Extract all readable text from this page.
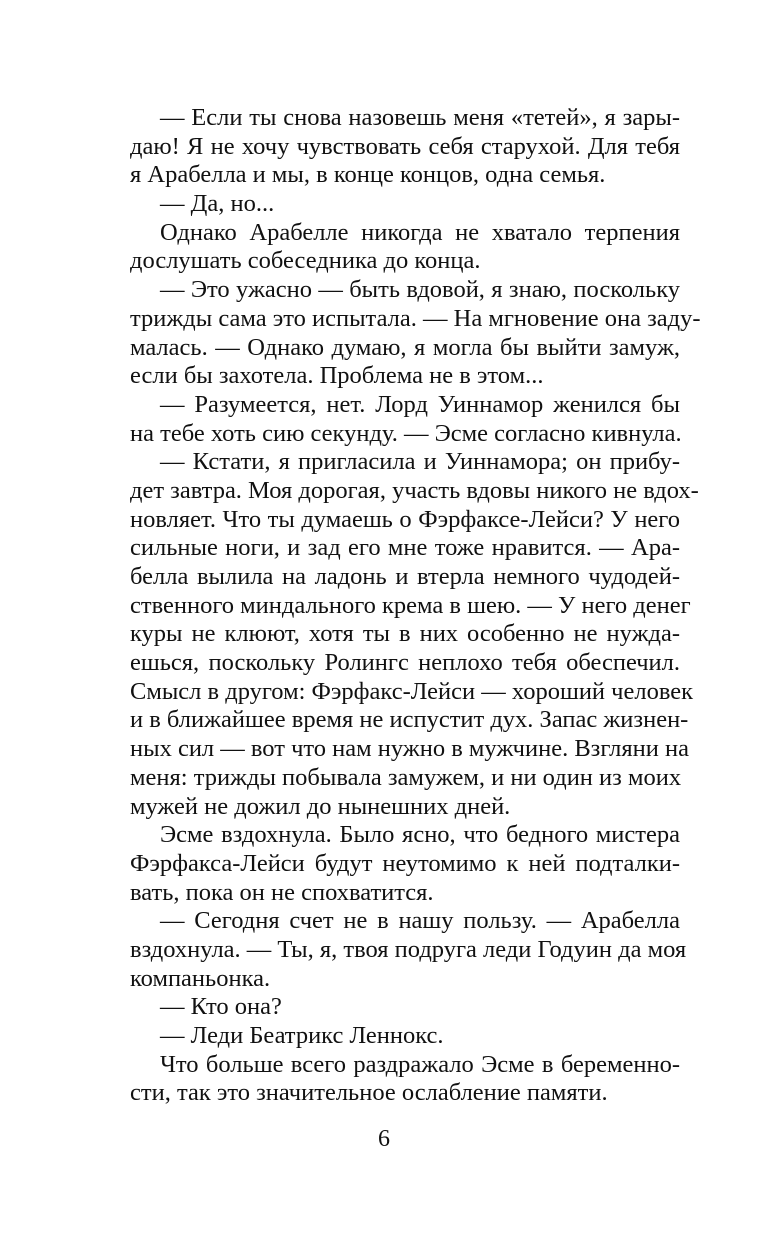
— Если ты снова назовешь меня «тетей», я зары-
даю! Я не хочу чувствовать себя старухой. Для тебя
я Арабелла и мы, в конце концов, одна семья.
— Да, но...
Однако Арабелле никогда не хватало терпения
дослушать собеседника до конца.
— Это ужасно — быть вдовой, я знаю, поскольку
трижды сама это испытала. — На мгновение она заду-
малась. — Однако думаю, я могла бы выйти замуж,
если бы захотела. Проблема не в этом...
— Разумеется, нет. Лорд Уиннамор женился бы
на тебе хоть сию секунду. — Эсме согласно кивнула.
— Кстати, я пригласила и Уиннамора; он прибу-
дет завтра. Моя дорогая, участь вдовы никого не вдох-
новляет. Что ты думаешь о Фэрфаксе-Лейси? У него
сильные ноги, и зад его мне тоже нравится. — Ара-
белла вылила на ладонь и втерла немного чудодей-
ственного миндального крема в шею. — У него денег
куры не клюют, хотя ты в них особенно не нужда-
ешься, поскольку Ролингс неплохо тебя обеспечил.
Смысл в другом: Фэрфакс-Лейси — хороший человек
и в ближайшее время не испустит дух. Запас жизнен-
ных сил — вот что нам нужно в мужчине. Взгляни на
меня: трижды побывала замужем, и ни один из моих
мужей не дожил до нынешних дней.
Эсме вздохнула. Было ясно, что бедного мистера
Фэрфакса-Лейси будут неутомимо к ней подталки-
вать, пока он не спохватится.
— Сегодня счет не в нашу пользу. — Арабелла
вздохнула. — Ты, я, твоя подруга леди Годуин да моя
компаньонка.
— Кто она?
— Леди Беатрикс Леннокс.
Что больше всего раздражало Эсме в беременно-
сти, так это значительное ослабление памяти.
6
